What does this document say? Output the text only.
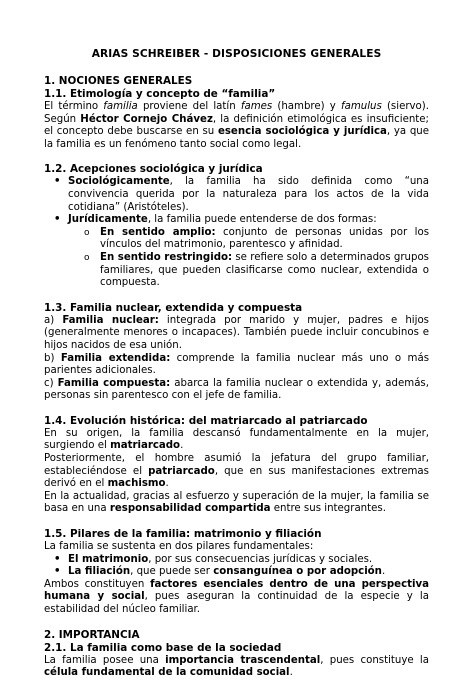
ARIAS SCHREIBER - DISPOSICIONES GENERALES
1. NOCIONES GENERALES
1.1. Etimología y concepto de “familia”

El término familia proviene del latín fames (hambre) y famulus (siervo). Según Héctor Cornejo Chávez, la definición etimológica es insuficiente; el concepto debe buscarse en su esencia sociológica y jurídica, ya que la familia es un fenómeno tanto social como legal.

1.2. Acepciones sociológica y jurídica
• Sociológicamente, la familia ha sido definida como “una convivencia querida por la naturaleza para los actos de la vida cotidiana” (Aristóteles).
• Jurídicamente, la familia puede entenderse de dos formas:
o En sentido amplio: conjunto de personas unidas por los vínculos del matrimonio, parentesco y afinidad.
o En sentido restringido: se refiere solo a determinados grupos familiares, que pueden clasificarse como nuclear, extendida o compuesta.
1.3. Familia nuclear, extendida y compuesta

a) Familia nuclear: integrada por marido y mujer, padres e hijos (generalmente menores o incapaces). También puede incluir concubinos e hijos nacidos de esa unión.

b) Familia extendida: comprende la familia nuclear más uno o más parientes adicionales.

c) Familia compuesta: abarca la familia nuclear o extendida y, además, personas sin parentesco con el jefe de familia.

1.4. Evolución histórica: del matriarcado al patriarcado

En su origen, la familia descansó fundamentalmente en la mujer, surgiendo el matriarcado.

Posteriormente, el hombre asumió la jefatura del grupo familiar, estableciéndose el patriarcado, que en sus manifestaciones extremas derivó en el machismo.

En la actualidad, gracias al esfuerzo y superación de la mujer, la familia se basa en una responsabilidad compartida entre sus integrantes.

1.5. Pilares de la familia: matrimonio y filiación

La familia se sustenta en dos pilares fundamentales:

• El matrimonio, por sus consecuencias jurídicas y sociales.
• La filiación, que puede ser consanguínea o por adopción.

Ambos constituyen factores esenciales dentro de una perspectiva humana y social, pues aseguran la continuidad de la especie y la estabilidad del núcleo familiar.

2. IMPORTANCIA
2.1. La familia como base de la sociedad

La familia posee una importancia trascendental, pues constituye la célula fundamental de la comunidad social.
